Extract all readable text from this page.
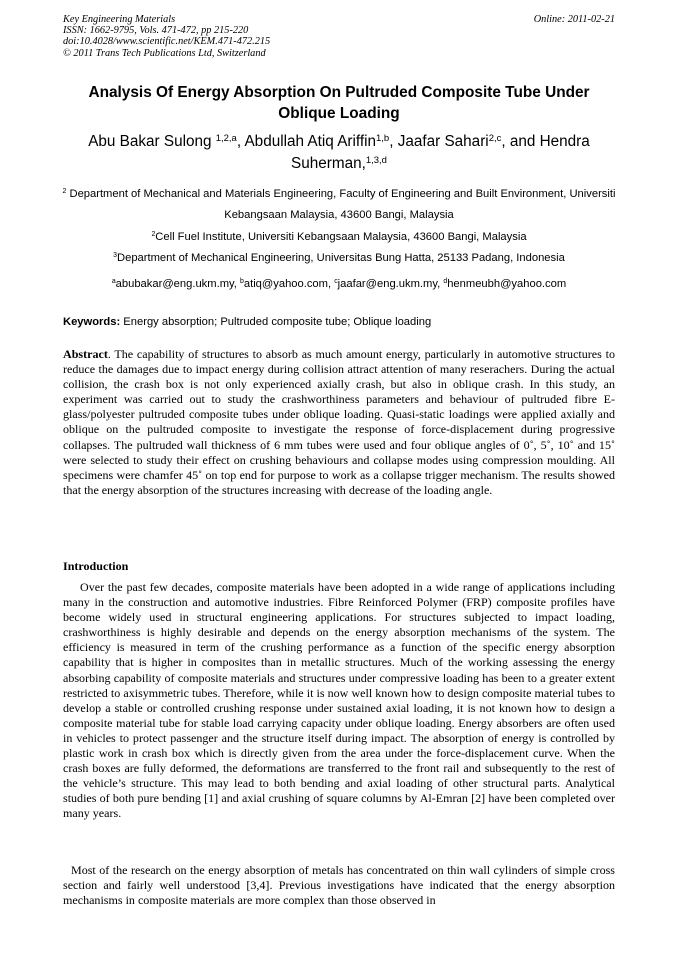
Key Engineering Materials
ISSN: 1662-9795, Vols. 471-472, pp 215-220
doi:10.4028/www.scientific.net/KEM.471-472.215
© 2011 Trans Tech Publications Ltd, Switzerland
Online: 2011-02-21
Analysis Of Energy Absorption On Pultruded Composite Tube Under Oblique Loading
Abu Bakar Sulong $^{1,2,a}$, Abdullah Atiq Ariffin$^{1,b}$, Jaafar Sahari$^{2,c}$, and Hendra Suherman,$^{1,3,d}$
$^2$ Department of Mechanical and Materials Engineering, Faculty of Engineering and Built Environment, Universiti Kebangsaan Malaysia, 43600 Bangi, Malaysia
$^2$Cell Fuel Institute, Universiti Kebangsaan Malaysia, 43600 Bangi, Malaysia
$^3$Department of Mechanical Engineering, Universitas Bung Hatta, 25133 Padang, Indonesia
$^a$abubakar@eng.ukm.my, $^b$atiq@yahoo.com, $^c$jaafar@eng.ukm.my, $^d$henmeubh@yahoo.com
Keywords: Energy absorption; Pultruded composite tube; Oblique loading
Abstract. The capability of structures to absorb as much amount energy, particularly in automotive structures to reduce the damages due to impact energy during collision attract attention of many reserachers. During the actual collision, the crash box is not only experienced axially crash, but also in oblique crash. In this study, an experiment was carried out to study the crashworthiness parameters and behaviour of pultruded fibre E-glass/polyester pultruded composite tubes under oblique loading. Quasi-static loadings were applied axially and oblique on the pultruded composite to investigate the response of force-displacement during progressive collapses. The pultruded wall thickness of 6 mm tubes were used and four oblique angles of 0˚, 5˚, 10˚ and 15˚ were selected to study their effect on crushing behaviours and collapse modes using compression moulding. All specimens were chamfer 45˚ on top end for purpose to work as a collapse trigger mechanism. The results showed that the energy absorption of the structures increasing with decrease of the loading angle.
Introduction
Over the past few decades, composite materials have been adopted in a wide range of applications including many in the construction and automotive industries. Fibre Reinforced Polymer (FRP) composite profiles have become widely used in structural engineering applications. For structures subjected to impact loading, crashworthiness is highly desirable and depends on the energy absorption mechanisms of the system. The efficiency is measured in term of the crushing performance as a function of the specific energy absorption capability that is higher in composites than in metallic structures. Much of the working assessing the energy absorbing capability of composite materials and structures under compressive loading has been to a greater extent restricted to axisymmetric tubes. Therefore, while it is now well known how to design composite material tubes to develop a stable or controlled crushing response under sustained axial loading, it is not known how to design a composite material tube for stable load carrying capacity under oblique loading. Energy absorbers are often used in vehicles to protect passenger and the structure itself during impact. The absorption of energy is controlled by plastic work in crash box which is directly given from the area under the force-displacement curve. When the crash boxes are fully deformed, the deformations are transferred to the front rail and subsequently to the rest of the vehicle’s structure. This may lead to both bending and axial loading of other structural parts. Analytical studies of both pure bending [1] and axial crushing of square columns by Al-Emran [2] have been completed over many years.
Most of the research on the energy absorption of metals has concentrated on thin wall cylinders of simple cross section and fairly well understood [3,4]. Previous investigations have indicated that the energy absorption mechanisms in composite materials are more complex than those observed in
